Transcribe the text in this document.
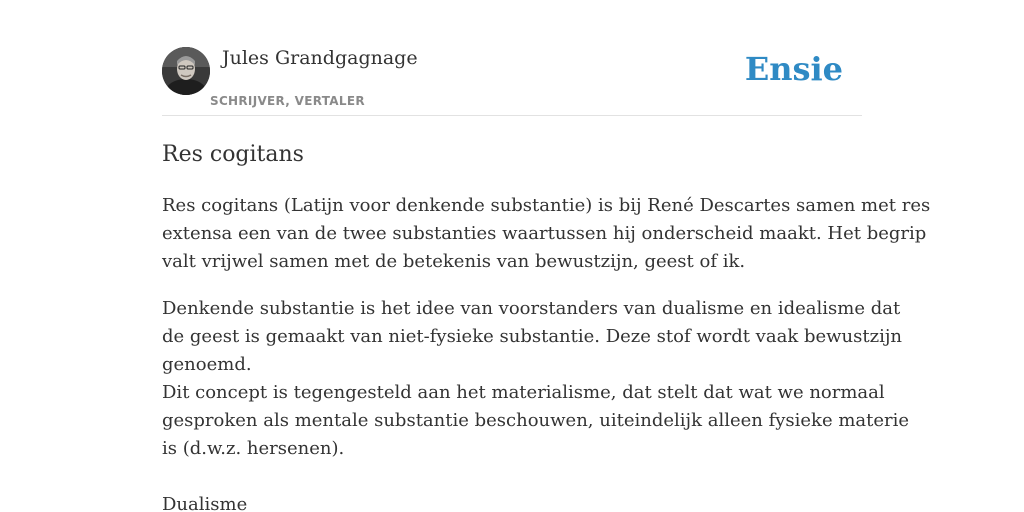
Jules Grandgagnage
SCHRIJVER, VERTALER
Ensie
Res cogitans
Res cogitans (Latijn voor denkende substantie) is bij René Descartes samen met res
extensa een van de twee substanties waartussen hij onderscheid maakt. Het begrip
valt vrijwel samen met de betekenis van bewustzijn, geest of ik.
Denkende substantie is het idee van voorstanders van dualisme en idealisme dat
de geest is gemaakt van niet-fysieke substantie. Deze stof wordt vaak bewustzijn
genoemd.
Dit concept is tegengesteld aan het materialisme, dat stelt dat wat we normaal
gesproken als mentale substantie beschouwen, uiteindelijk alleen fysieke materie
is (d.w.z. hersenen).
Dualisme
